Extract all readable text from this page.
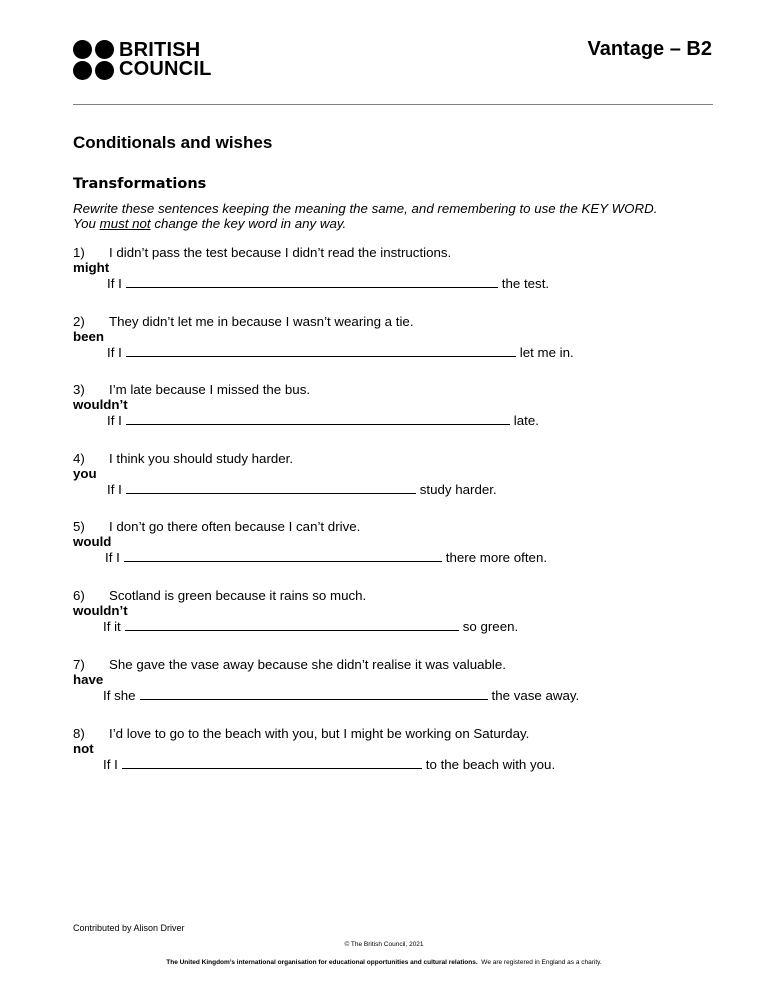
BRITISH
COUNCIL
Vantage – B2
Conditionals and wishes
Transformations
Rewrite these sentences keeping the meaning the same, and remembering to use the KEY WORD.
You must not change the key word in any way.
1)	I didn’t pass the test because I didn’t read the instructions.
might
If I	the test.
2)	They didn’t let me in because I wasn’t wearing a tie.
been
If I	let me in.
3)	I’m late because I missed the bus.
wouldn’t
If I	late.
4)	I think you should study harder.
you
If I	study harder.
5)	I don’t go there often because I can’t drive.
would
If I	there more often.
6)	Scotland is green because it rains so much.
wouldn’t
If it	so green.
7)	She gave the vase away because she didn’t realise it was valuable.
have
If she	the vase away.
8)	I’d love to go to the beach with you, but I might be working on Saturday.
not
If I	to the beach with you.
Contributed by Alison Driver
© The British Council, 2021
The United Kingdom’s international organisation for educational opportunities and cultural relations. We are registered in England as a charity.
